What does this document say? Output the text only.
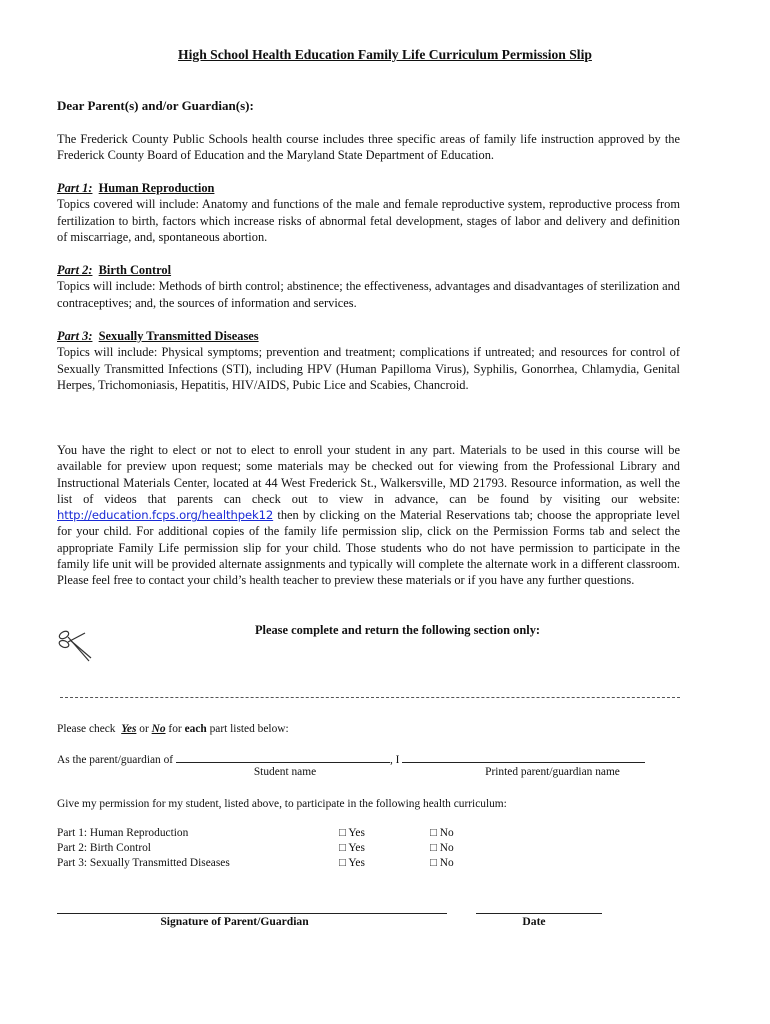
High School Health Education Family Life Curriculum Permission Slip
Dear Parent(s) and/or Guardian(s):
The Frederick County Public Schools health course includes three specific areas of family life instruction approved by the Frederick County Board of Education and the Maryland State Department of Education.
Part 1: Human Reproduction
Topics covered will include: Anatomy and functions of the male and female reproductive system, reproductive process from fertilization to birth, factors which increase risks of abnormal fetal development, stages of labor and delivery and definition of miscarriage, and, spontaneous abortion.
Part 2: Birth Control
Topics will include: Methods of birth control; abstinence; the effectiveness, advantages and disadvantages of sterilization and contraceptives; and, the sources of information and services.
Part 3: Sexually Transmitted Diseases
Topics will include: Physical symptoms; prevention and treatment; complications if untreated; and resources for control of Sexually Transmitted Infections (STI), including HPV (Human Papilloma Virus), Syphilis, Gonorrhea, Chlamydia, Genital Herpes, Trichomoniasis, Hepatitis, HIV/AIDS, Pubic Lice and Scabies, Chancroid.
You have the right to elect or not to elect to enroll your student in any part. Materials to be used in this course will be available for preview upon request; some materials may be checked out for viewing from the Professional Library and Instructional Materials Center, located at 44 West Frederick St., Walkersville, MD 21793. Resource information, as well the list of videos that parents can check out to view in advance, can be found by visiting our website: http://education.fcps.org/healthpek12 then by clicking on the Material Reservations tab; choose the appropriate level for your child. For additional copies of the family life permission slip, click on the Permission Forms tab and select the appropriate Family Life permission slip for your child. Those students who do not have permission to participate in the family life unit will be provided alternate assignments and typically will complete the alternate work in a different classroom. Please feel free to contact your child’s health teacher to preview these materials or if you have any further questions.
Please complete and return the following section only:
Please check Yes or No for each part listed below:
As the parent/guardian of	, I
Student name	Printed parent/guardian name
Give my permission for my student, listed above, to participate in the following health curriculum:
Part 1: Human Reproduction	□ Yes	□ No
Part 2: Birth Control	□ Yes	□ No
Part 3: Sexually Transmitted Diseases	□ Yes	□ No
Signature of Parent/Guardian	Date
